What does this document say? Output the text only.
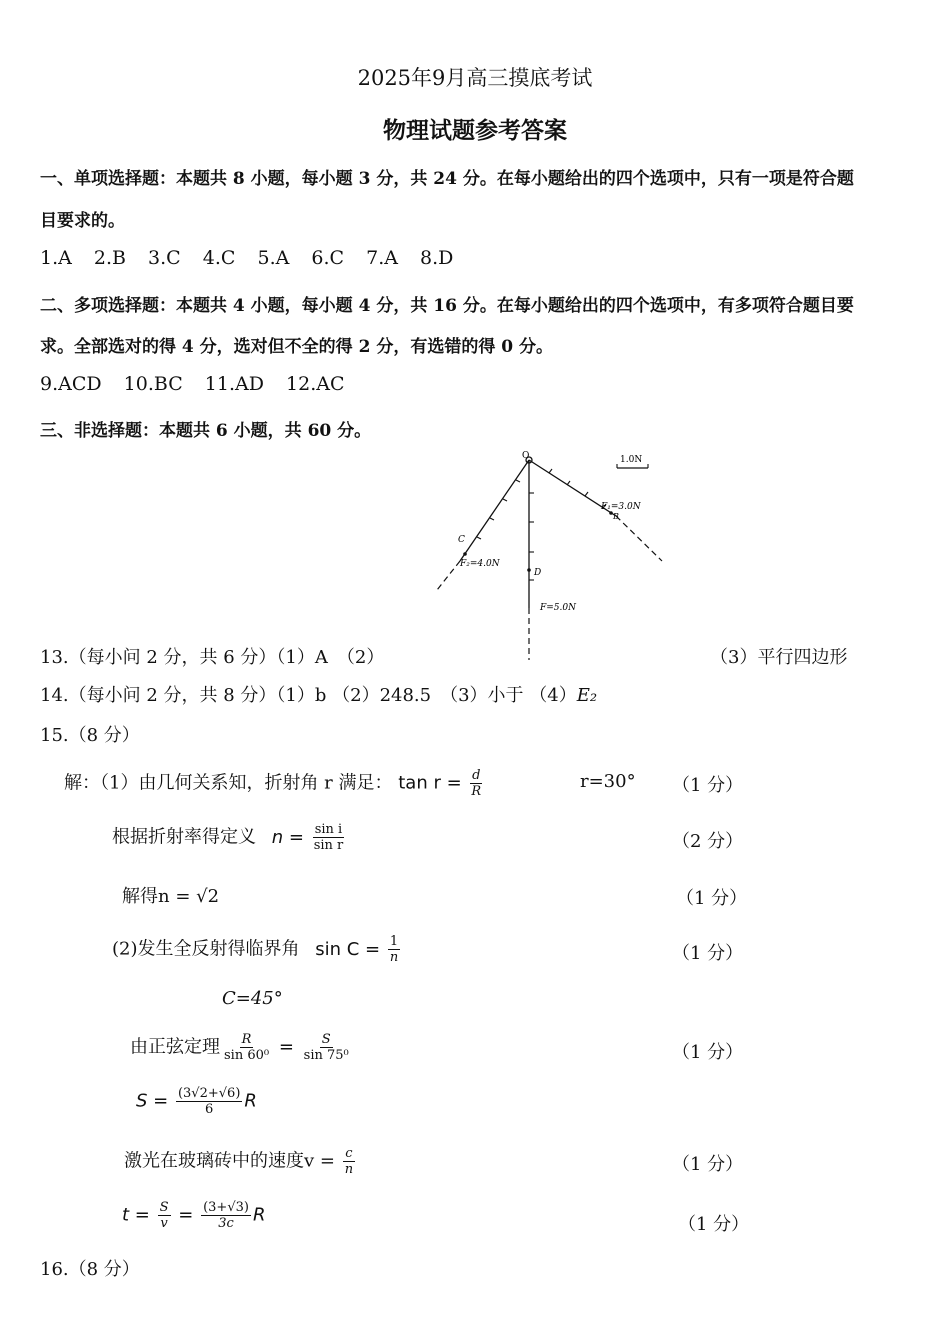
2025年9月高三摸底考试
物理试题参考答案
一、单项选择题：本题共 8 小题，每小题 3 分，共 24 分。在每小题给出的四个选项中，只有一项是符合题
目要求的。
1.A 2.B 3.C 4.C 5.A 6.C 7.A 8.D
二、多项选择题：本题共 4 小题，每小题 4 分，共 16 分。在每小题给出的四个选项中，有多项符合题目要
求。全部选对的得 4 分，选对但不全的得 2 分，有选错的得 0 分。
9.ACD 10.BC 11.AD 12.AC
三、非选择题：本题共 6 小题，共 60 分。
O	1.0N
F₁=3.0N
B
C
F₂=4.0N
D
F=5.0N
13.（每小问 2 分，共 6 分）（1）A　（2）	（3）平行四边形
14.（每小问 2 分，共 8 分）（1）b （2）248.5　（3）小于 （4）E₂
15.（8 分）
解：（1）由几何关系知，折射角 r 满足： $\tan r = \frac{d}{R}$	r=30° （1 分）
根据折射率得定义 $n = \frac{\text{sin i}}{\text{sin r}}$	（2 分）
解得n = √2	（1 分）
(2)发生全反射得临界角 $\sin C = \frac{1}{n}$	（1 分）
C=45°
由正弦定理 $\frac{R}{\text{sin 60⁰}} = \frac{S}{\text{sin 75⁰}}$	（1 分）
$S = \frac{(3√2+√6)}{6}$ R
激光在玻璃砖中的速度$v = \frac{c}{n}$	（1 分）
$t = \frac{S}{v} = \frac{(3+√3)}{3c}$ R	（1 分）
16.（8 分）
